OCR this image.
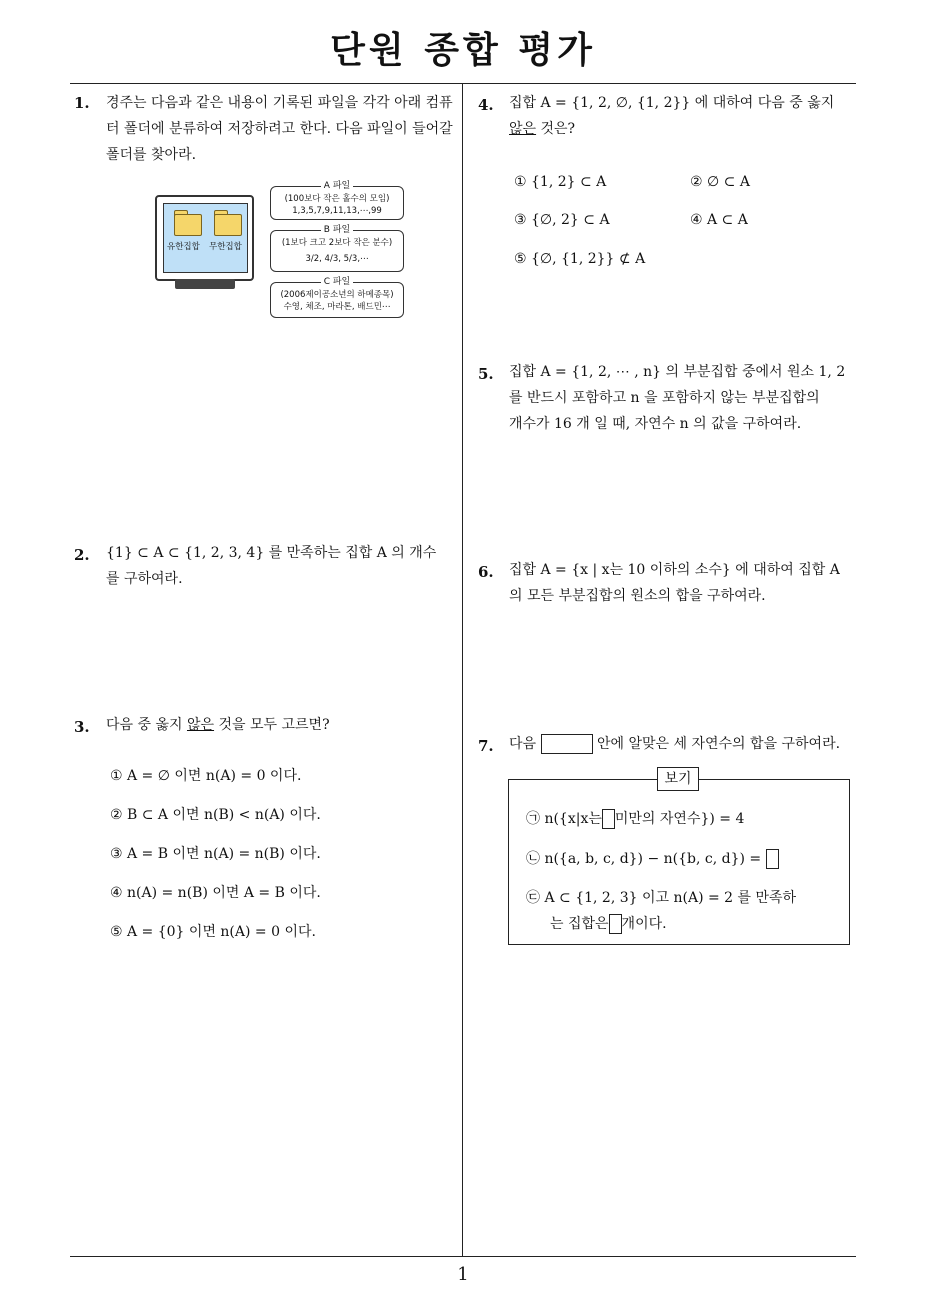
단원 종합 평가
1
1. 경주는 다음과 같은 내용이 기록된 파일을 각각 아래 컴퓨터 폴더에 분류하여 저장하려고 한다. 다음 파일이 들어갈 폴더를 찾아라.
유한집합 무한집합
A 파일
(100보다 작은 홀수의 모임)
1,3,5,7,9,11,13,⋯,99
B 파일
(1보다 크고 2보다 작은 분수)
3/2, 4/3, 5/3,⋯
C 파일
(2006제이공소년의 하메종목)
수영, 체조, 마라톤, 배드민⋯
2. {1} ⊂ A ⊂ {1, 2, 3, 4} 를 만족하는 집합 A 의 개수
를 구하여라.
3. 다음 중 옳지 않은 것을 모두 고르면?
① A = ∅ 이면 n(A) = 0 이다.
② B ⊂ A 이면 n(B) < n(A) 이다.
③ A = B 이면 n(A) = n(B) 이다.
④ n(A) = n(B) 이면 A = B 이다.
⑤ A = {0} 이면 n(A) = 0 이다.
4. 집합 A = {1, 2, ∅, {1, 2}} 에 대하여 다음 중 옳지
않은 것은?
① {1, 2} ⊂ A	② ∅ ⊂ A
③ {∅, 2} ⊂ A	④ A ⊂ A
⑤ {∅, {1, 2}} ⊄ A
5. 집합 A = {1, 2, ⋯ , n} 의 부분집합 중에서 원소 1, 2
를 반드시 포함하고 n 을 포함하지 않는 부분집합의
개수가 16 개 일 때, 자연수 n 의 값을 구하여라.
6. 집합 A = {x | x는 10 이하의 소수} 에 대하여 집합 A
의 모든 부분집합의 원소의 합을 구하여라.
7. 다음	안에 알맞은 세 자연수의 합을 구하여라.
보기
㉠ n({x|x는 미만의 자연수}) = 4
㉡ n({a, b, c, d}) − n({b, c, d}) =
㉢ A ⊂ {1, 2, 3} 이고 n(A) = 2 를 만족하
는 집합은 개이다.
